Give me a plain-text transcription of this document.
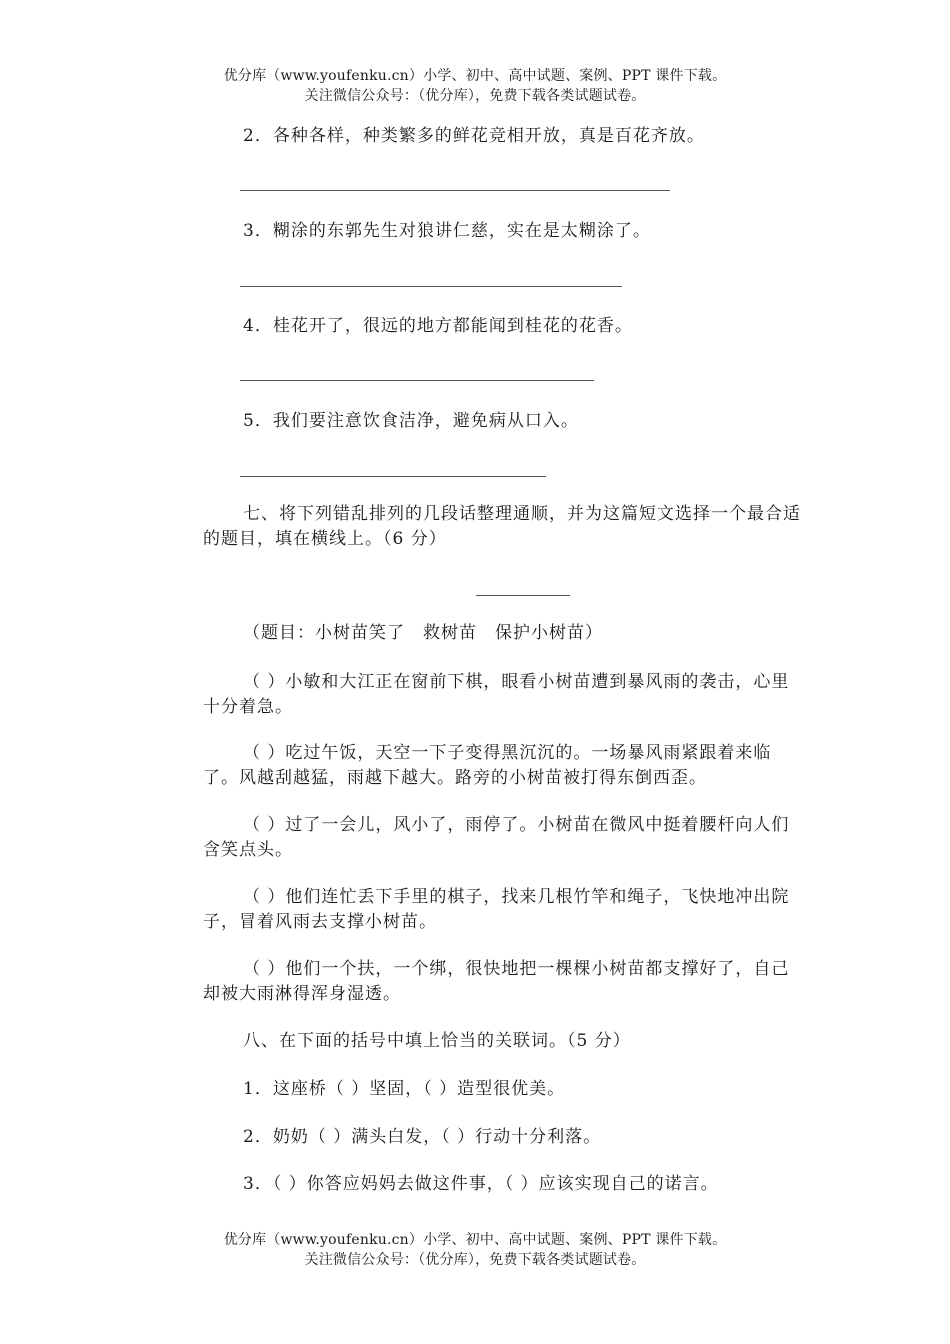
优分库（www.youfenku.cn）小学、初中、高中试题、案例、PPT 课件下载。
关注微信公众号：（优分库），免费下载各类试题试卷。

2．各种各样，种类繁多的鲜花竞相开放，真是百花齐放。

3．糊涂的东郭先生对狼讲仁慈，实在是太糊涂了。

4．桂花开了，很远的地方都能闻到桂花的花香。

5．我们要注意饮食洁净，避免病从口入。

七、将下列错乱排列的几段话整理通顺，并为这篇短文选择一个最合适的题目，填在横线上。（6 分）

（题目：小树苗笑了　救树苗　保护小树苗）

（ ）小敏和大江正在窗前下棋，眼看小树苗遭到暴风雨的袭击，心里十分着急。

（ ）吃过午饭，天空一下子变得黑沉沉的。一场暴风雨紧跟着来临了。风越刮越猛，雨越下越大。路旁的小树苗被打得东倒西歪。

（ ）过了一会儿，风小了，雨停了。小树苗在微风中挺着腰杆向人们含笑点头。

（ ）他们连忙丢下手里的棋子，找来几根竹竿和绳子，飞快地冲出院子，冒着风雨去支撑小树苗。

（ ）他们一个扶，一个绑，很快地把一棵棵小树苗都支撑好了，自己却被大雨淋得浑身湿透。

八、在下面的括号中填上恰当的关联词。（5 分）

1．这座桥（ ）坚固，（ ）造型很优美。

2．奶奶（ ）满头白发，（ ）行动十分利落。

3．（ ）你答应妈妈去做这件事，（ ）应该实现自己的诺言。

优分库（www.youfenku.cn）小学、初中、高中试题、案例、PPT 课件下载。
关注微信公众号：（优分库），免费下载各类试题试卷。
